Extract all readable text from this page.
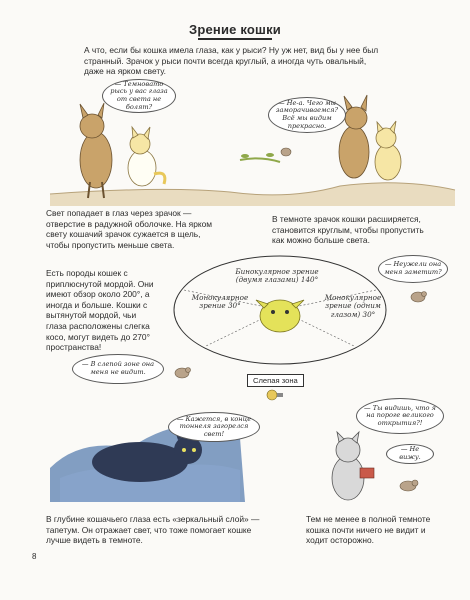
Зрение кошки
А что, если бы кошка имела глаза, как у рыси? Ну уж нет, вид бы у нее был странный. Зрачок у рыси почти всегда круглый, а иногда чуть овальный, даже на ярком свету.
— Темновато рысь у вас глаза от света не болят?	— Не-а. Чего мы заморачиваемся? Всё мы видим прекрасно.
Свет попадает в глаз через зрачок — отверстие в радужной оболочке. На ярком свету кошачий зрачок сужается в щель, чтобы пропустить меньше света.
В темноте зрачок кошки расширяется, становится круглым, чтобы пропустить как можно больше света.
Есть породы кошек с приплюснутой мордой. Они имеют обзор около 200°, а иногда и больше. Кошки с вытянутой мордой, чьи глаза расположены слегка косо, могут видеть до 270° пространства!
Бинокулярное зрение (двумя глазами) 140°
Монокулярное зрение 30°
Монокулярное зрение (одним глазом) 30°
Слепая зона
— Неужели она меня заметит?
— В слепой зоне она меня не видит.
— Кажется, в конце тоннеля загорелся свет!
— Ты видишь, что я на пороге великого открытия?!
— Не вижу.
В глубине кошачьего глаза есть «зеркальный слой» — тапетум. Он отражает свет, что тоже помогает кошке лучше видеть в темноте.
Тем не менее в полной темноте кошка почти ничего не видит и ходит осторожно.
8
